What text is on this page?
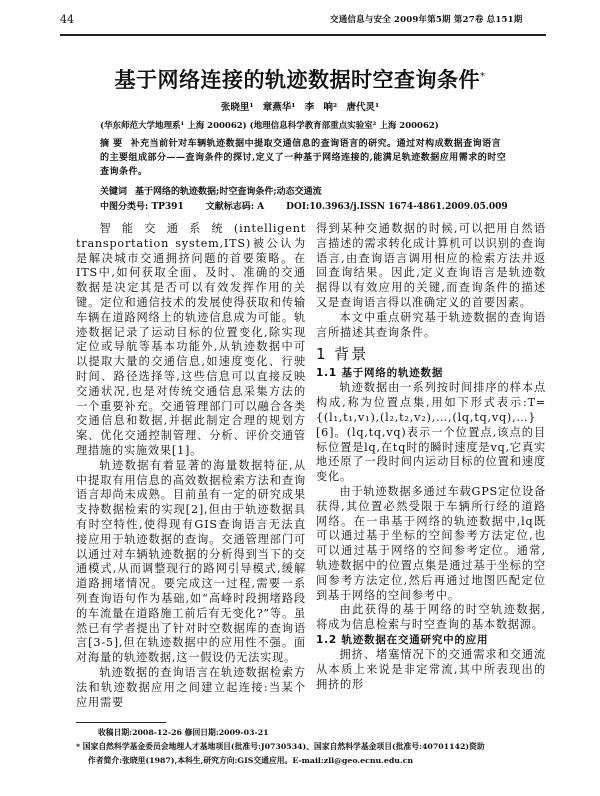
44	交通信息与安全 2009年第5期 第27卷 总151期
基于网络连接的轨迹数据时空查询条件*
张晓里¹ 章燕华¹ 李 响² 唐代灵¹
(华东师范大学地理系¹ 上海 200062) (地理信息科学教育部重点实验室² 上海 200062)
摘 要 补充当前针对车辆轨迹数据中提取交通信息的查询语言的研究。通过对构成数据查询语言的主要组成部分——查询条件的探讨,定义了一种基于网络连接的,能满足轨迹数据应用需求的时空查询条件。
关键词 基于网络的轨迹数据;时空查询条件;动态交通流
中图分类号: TP391 文献标志码: A DOI:10.3963/j.ISSN 1674-4861.2009.05.009

智能交通系统(intelligent transportation system,ITS)被公认为是解决城市交通拥挤问题的首要策略。在ITS中,如何获取全面、及时、准确的交通数据是决定其是否可以有效发挥作用的关键。定位和通信技术的发展使得获取和传输车辆在道路网络上的轨迹信息成为可能。轨迹数据记录了运动目标的位置变化,除实现定位或导航等基本功能外,从轨迹数据中可以提取大量的交通信息,如速度变化、行驶时间、路径选择等,这些信息可以直接反映交通状况,也是对传统交通信息采集方法的一个重要补充。交通管理部门可以融合各类交通信息和数据,并据此制定合理的规划方案、优化交通控制管理、分析、评价交通管理措施的实施效果[1]。

轨迹数据有着显著的海量数据特征,从中提取有用信息的高效数据检索方法和查询语言却尚未成熟。目前虽有一定的研究成果支持数据检索的实现[2],但由于轨迹数据具有时空特性,使得现有GIS查询语言无法直接应用于轨迹数据的查询。交通管理部门可以通过对车辆轨迹数据的分析得到当下的交通模式,从而调整现行的路网引导模式,缓解道路拥堵情况。要完成这一过程,需要一系列查询语句作为基础,如“高峰时段拥堵路段的车流量在道路施工前后有无变化?”等。虽然已有学者提出了针对时空数据库的查询语言[3-5],但在轨迹数据中的应用性不强。面对海量的轨迹数据,这一假设仍无法实现。

轨迹数据的查询语言在轨迹数据检索方法和轨迹数据应用之间建立起连接:当某个应用需要

得到某种交通数据的时候,可以把用自然语言描述的需求转化成计算机可以识别的查询语言,由查询语言调用相应的检索方法并返回查询结果。因此,定义查询语言是轨迹数据得以有效应用的关键,而查询条件的描述又是查询语言得以准确定义的首要因素。

本文中重点研究基于轨迹数据的查询语言所描述其查询条件。

1 背景
1.1 基于网络的轨迹数据

轨迹数据由一系列按时间排序的样本点构成,称为位置点集,用如下形式表示:T={(l₁,t₁,v₁),(l₂,t₂,v₂),…,(lq,tq,vq),…}[6]。(lq,tq,vq)表示一个位置点,该点的目标位置是lq,在tq时的瞬时速度是vq,它真实地还原了一段时间内运动目标的位置和速度变化。

由于轨迹数据多通过车载GPS定位设备获得,其位置必然受限于车辆所行经的道路网络。在一串基于网络的轨迹数据中,lq既可以通过基于坐标的空间参考方法定位,也可以通过基于网络的空间参考定位。通常,轨迹数据中的位置点集是通过基于坐标的空间参考方法定位,然后再通过地图匹配定位到基于网络的空间参考中。

由此获得的基于网络的时空轨迹数据,将成为信息检索与时空查询的基本数据源。

1.2 轨迹数据在交通研究中的应用

拥挤、堵塞情况下的交通需求和交通流从本质上来说是非定常流,其中所表现出的拥挤的形

收稿日期:2008-12-26 修回日期:2009-03-21
* 国家自然科学基金委员会地理人才基地项目(批准号:J0730534)、国家自然科学基金项目(批准号:40701142)资助
作者简介:张晓里(1987),本科生,研究方向:GIS交通应用。E-mail:zll@geo.ecnu.edu.cn
